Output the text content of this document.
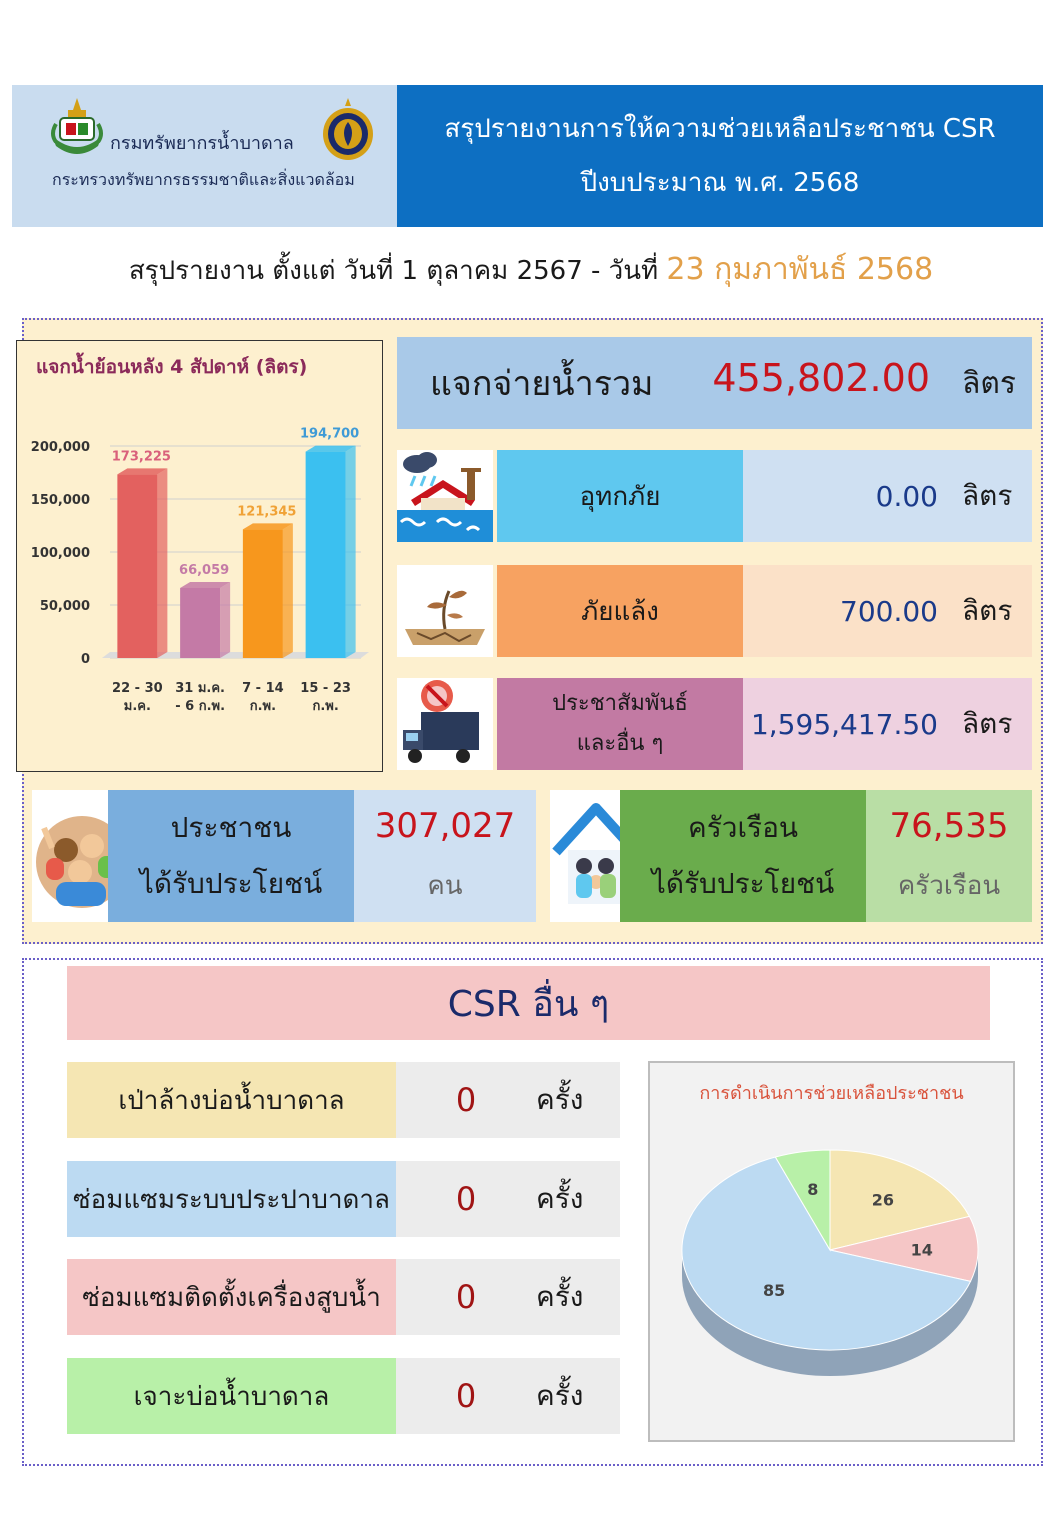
กรมทรัพยากรน้ำบาดาล
กระทรวงทรัพยากรธรรมชาติและสิ่งแวดล้อม
สรุปรายงานการให้ความช่วยเหลือประชาชน CSR
ปีงบประมาณ พ.ศ. 2568
สรุปรายงาน ตั้งแต่ วันที่ 1 ตุลาคม 2567 - วันที่ 23 กุมภาพันธ์ 2568
แจกน้ำย้อนหลัง 4 สัปดาห์ (ลิตร)
0
50,000
100,000
150,000
200,000
173,225
22 - 30
ม.ค.
66,059
31 ม.ค.
- 6 ก.พ.
121,345
7 - 14
ก.พ.
194,700
15 - 23
ก.พ.
แจกจ่ายน้ำรวม	455,802.00 ลิตร
อุทกภัย	0.00 ลิตร
ภัยแล้ง	700.00 ลิตร
ประชาสัมพันธ์
และอื่น ๆ
1,595,417.50 ลิตร
ประชาชน
ได้รับประโยชน์
307,027
คน
ครัวเรือน
ได้รับประโยชน์
76,535
ครัวเรือน
CSR อื่น ๆ
เป่าล้างบ่อน้ำบาดาล	0	ครั้ง
ซ่อมแซมระบบประปาบาดาล	0	ครั้ง
ซ่อมแซมติดตั้งเครื่องสูบน้ำ	0	ครั้ง
เจาะบ่อน้ำบาดาล	0	ครั้ง
การดำเนินการช่วยเหลือประชาชน
26
14
85
8
